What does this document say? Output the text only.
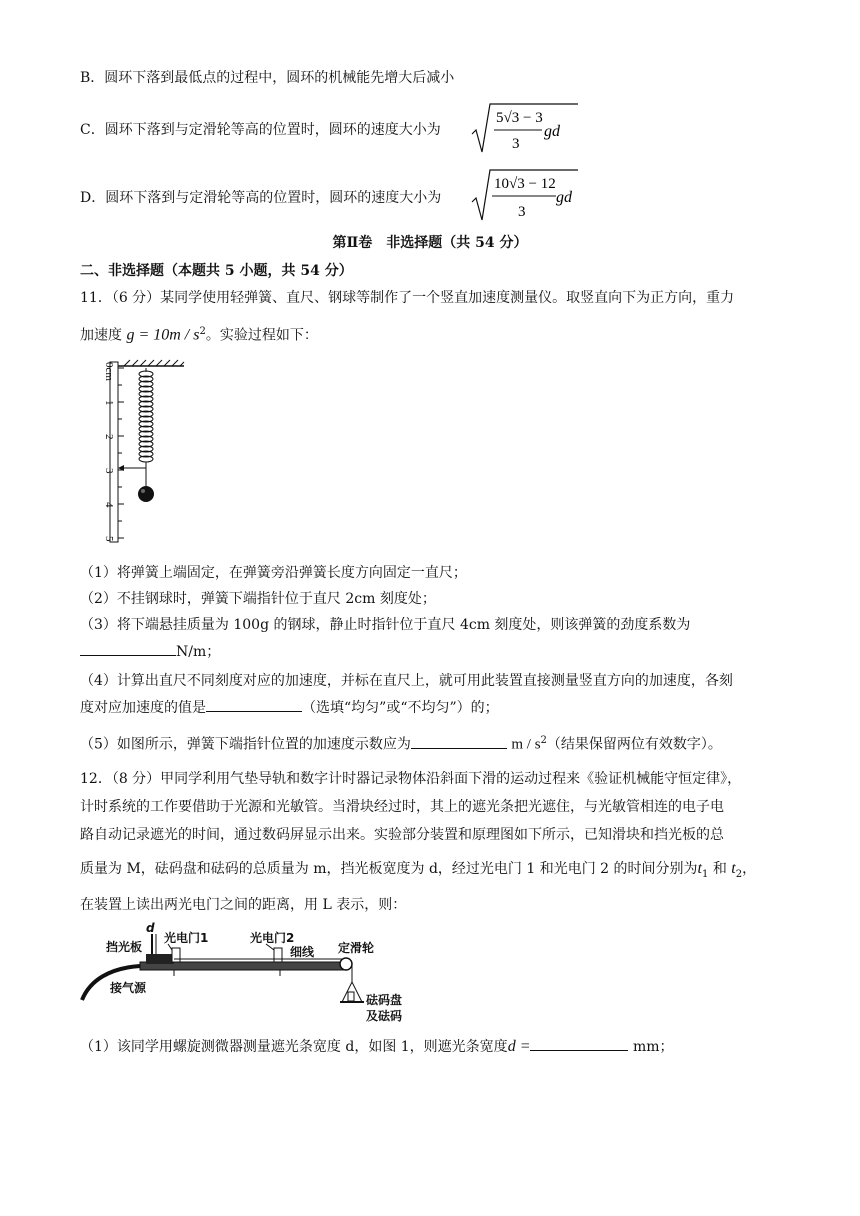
B．圆环下落到最低点的过程中，圆环的机械能先增大后减小
C．圆环下落到与定滑轮等高的位置时，圆环的速度大小为
5√3 − 3
3
gd
D．圆环下落到与定滑轮等高的位置时，圆环的速度大小为
10√3 − 12
3
gd
第Ⅱ卷　非选择题（共 54 分）
二、非选择题（本题共 5 小题，共 54 分）
11．（6 分）某同学使用轻弹簧、直尺、钢球等制作了一个竖直加速度测量仪。取竖直向下为正方向，重力
加速度 $g = 10m / s^2$。实验过程如下：
0cm
1
2
3
4
5
（1）将弹簧上端固定，在弹簧旁沿弹簧长度方向固定一直尺；
（2）不挂钢球时，弹簧下端指针位于直尺 2cm 刻度处；
（3）将下端悬挂质量为 100g 的钢球，静止时指针位于直尺 4cm 刻度处，则该弹簧的劲度系数为
N/m；
（4）计算出直尺不同刻度对应的加速度，并标在直尺上，就可用此装置直接测量竖直方向的加速度，各刻
度对应加速度的值是	（选填“均匀”或“不均匀”）的；
（5）如图所示，弹簧下端指针位置的加速度示数应为	m / $s^2$（结果保留两位有效数字）。
12．（8 分）甲同学利用气垫导轨和数字计时器记录物体沿斜面下滑的运动过程来《验证机械能守恒定律》，
计时系统的工作要借助于光源和光敏管。当滑块经过时，其上的遮光条把光遮住，与光敏管相连的电子电
路自动记录遮光的时间，通过数码屏显示出来。实验部分装置和原理图如下所示，已知滑块和挡光板的总
质量为 M，砝码盘和砝码的总质量为 m，挡光板宽度为 d，经过光电门 1 和光电门 2 的时间分别为$t_1$ 和 $t_2$，
在装置上读出两光电门之间的距离，用 L 表示，则：
d
挡光板
光电门1	光电门2
细线 定滑轮
接气源
砝码盘
及砝码
（1）该同学用螺旋测微器测量遮光条宽度 d，如图 1，则遮光条宽度d =	mm；
